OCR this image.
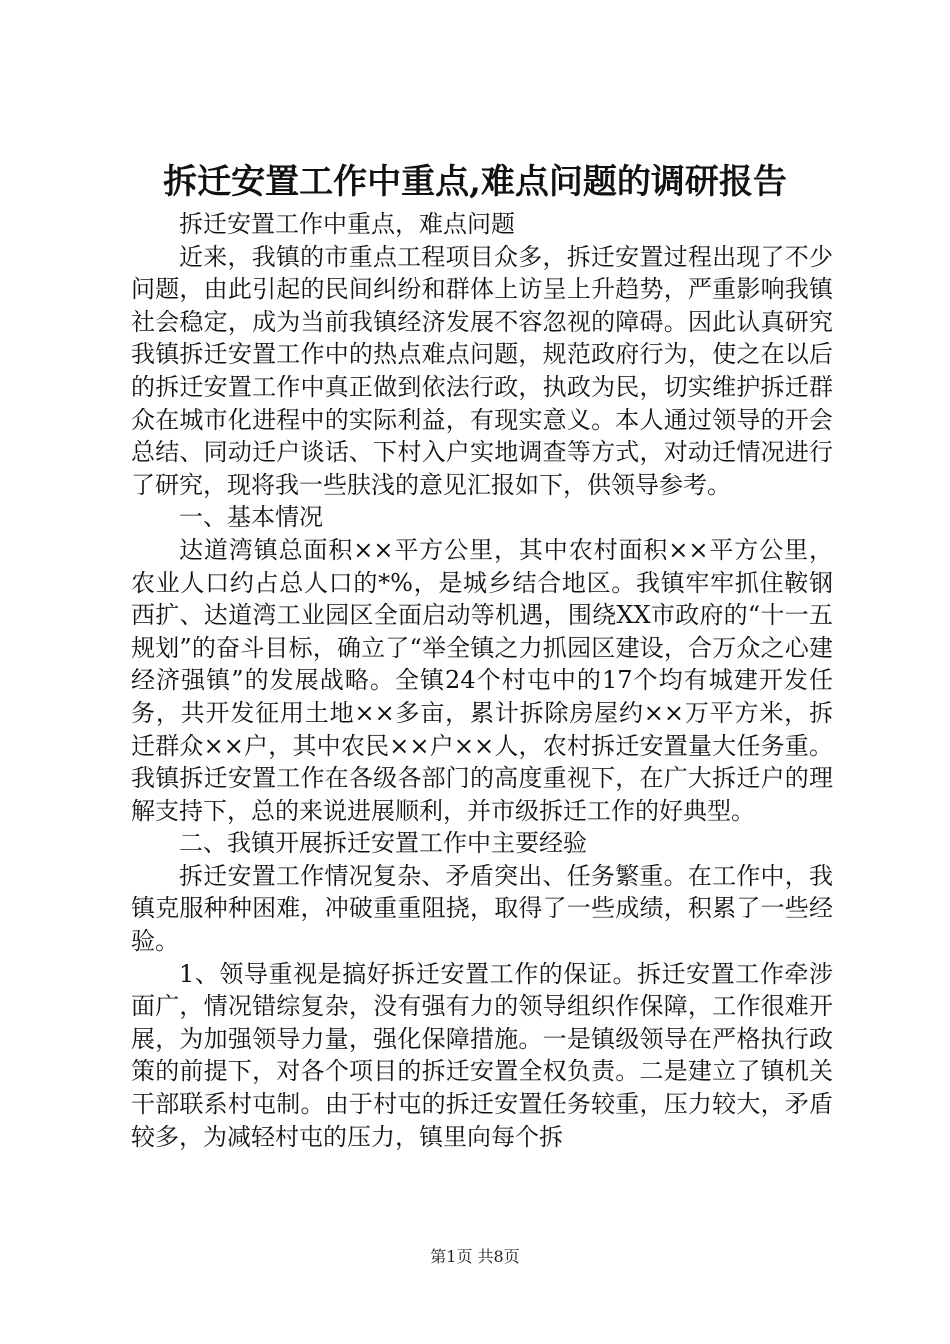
拆迁安置工作中重点,难点问题的调研报告

拆迁安置工作中重点，难点问题

近来，我镇的市重点工程项目众多，拆迁安置过程出现了不少问题，由此引起的民间纠纷和群体上访呈上升趋势，严重影响我镇社会稳定，成为当前我镇经济发展不容忽视的障碍。因此认真研究我镇拆迁安置工作中的热点难点问题，规范政府行为，使之在以后的拆迁安置工作中真正做到依法行政，执政为民，切实维护拆迁群众在城市化进程中的实际利益，有现实意义。本人通过领导的开会总结、同动迁户谈话、下村入户实地调查等方式，对动迁情况进行了研究，现将我一些肤浅的意见汇报如下，供领导参考。

一、基本情况

达道湾镇总面积××平方公里，其中农村面积××平方公里，农业人口约占总人口的*%，是城乡结合地区。我镇牢牢抓住鞍钢西扩、达道湾工业园区全面启动等机遇，围绕XX市政府的“十一五规划”的奋斗目标，确立了“举全镇之力抓园区建设，合万众之心建经济强镇”的发展战略。全镇24个村屯中的17个均有城建开发任务，共开发征用土地××多亩，累计拆除房屋约××万平方米，拆迁群众××户，其中农民××户××人，农村拆迁安置量大任务重。我镇拆迁安置工作在各级各部门的高度重视下，在广大拆迁户的理解支持下，总的来说进展顺利，并市级拆迁工作的好典型。

二、我镇开展拆迁安置工作中主要经验

拆迁安置工作情况复杂、矛盾突出、任务繁重。在工作中，我镇克服种种困难，冲破重重阻挠，取得了一些成绩，积累了一些经验。

1、领导重视是搞好拆迁安置工作的保证。拆迁安置工作牵涉面广，情况错综复杂，没有强有力的领导组织作保障，工作很难开展，为加强领导力量，强化保障措施。一是镇级领导在严格执行政策的前提下，对各个项目的拆迁安置全权负责。二是建立了镇机关干部联系村屯制。由于村屯的拆迁安置任务较重，压力较大，矛盾较多，为减轻村屯的压力，镇里向每个拆

第1页 共8页
